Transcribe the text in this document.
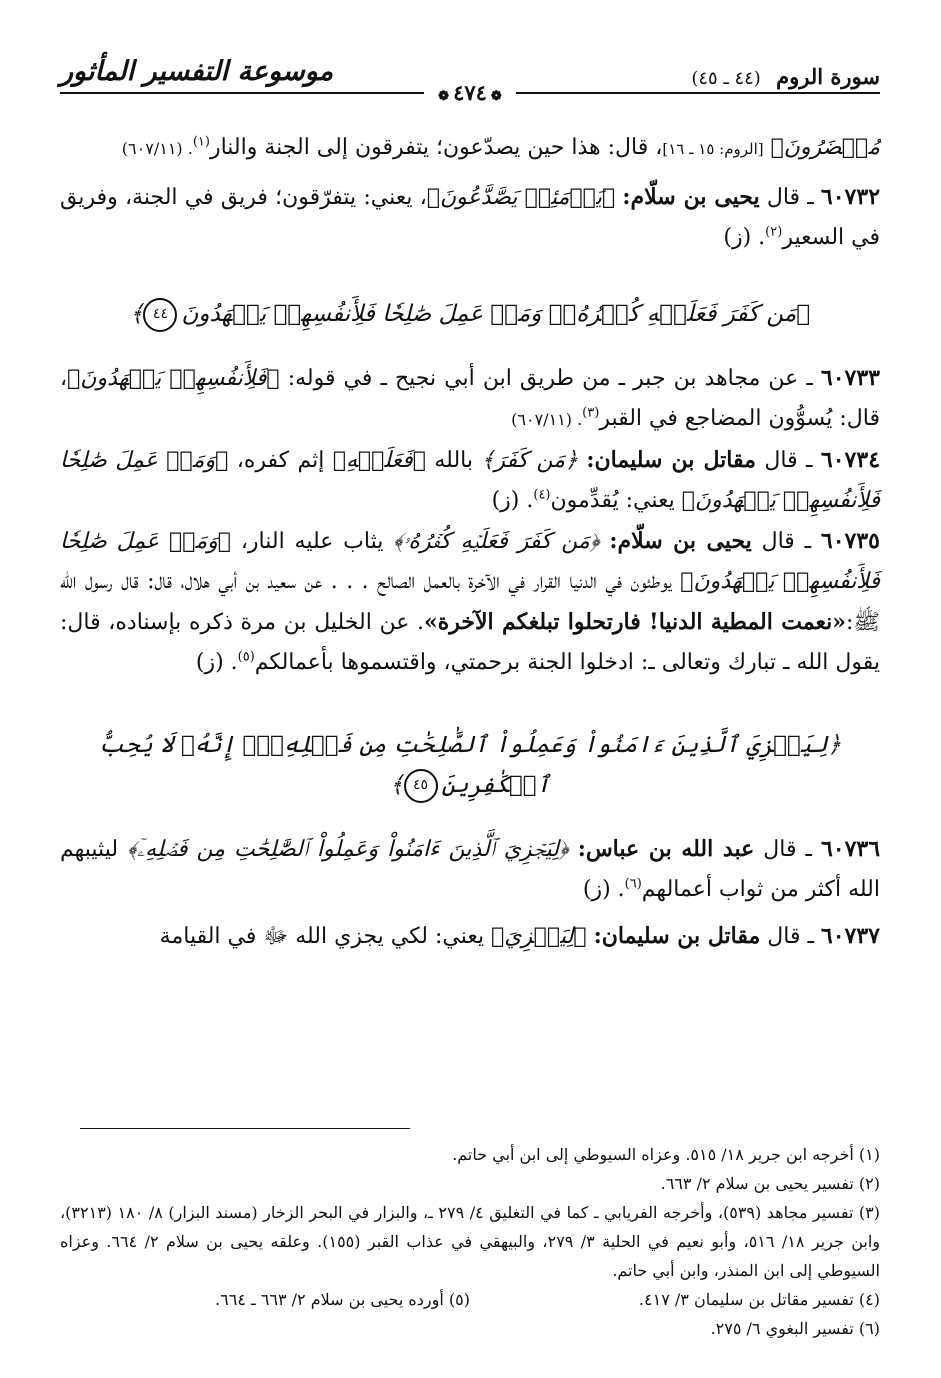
سورة الروم (٤٤ ـ ٤٥)
موسوعة التفسير المأثور
❁٤٧٤❁

مُحۡضَرُونَ﴾ [الروم: ١٥ ـ ١٦]، قال: هذا حين يصدّعون؛ يتفرقون إلى الجنة والنار$^{(١)}$. (٦٠٧/١١)

٦٠٧٣٢ ـ قال يحيى بن سلّام: ﴿يَوۡمَئِذٖ يَصَّدَّعُونَ﴾، يعني: يتفرّقون؛ فريق في الجنة، وفريق في السعير$^{(٢)}$. (ز)

﴿مَن كَفَرَ فَعَلَيۡهِ كُفۡرُهُۥۖ وَمَنۡ عَمِلَ صَٰلِحٗا فَلِأَنفُسِهِمۡ يَمۡهَدُونَ٤٤﴾

٦٠٧٣٣ ـ عن مجاهد بن جبر ـ من طريق ابن أبي نجيح ـ في قوله: ﴿فَلِأَنفُسِهِمۡ يَمۡهَدُونَ﴾، قال: يُسوُّون المضاجع في القبر$^{(٣)}$. (٦٠٧/١١)

٦٠٧٣٤ ـ قال مقاتل بن سليمان: ﴿مَن كَفَرَ﴾ بالله ﴿فَعَلَيۡهِ﴾ إثم كفره، ﴿وَمَنۡ عَمِلَ صَٰلِحٗا فَلِأَنفُسِهِمۡ يَمۡهَدُونَ﴾ يعني: يُقدِّمون$^{(٤)}$. (ز)

٦٠٧٣٥ ـ قال يحيى بن سلّام: ﴿مَن كَفَرَ فَعَلَيۡهِ كُفۡرُهُۥ﴾ يثاب عليه النار، ﴿وَمَنۡ عَمِلَ صَٰلِحٗا فَلِأَنفُسِهِمۡ يَمۡهَدُونَ﴾ يوطئون في الدنيا القرار في الآخرة بالعمل الصالح . . . عن سعيد بن أبي هلال، قال: قال رسول الله ﷺ:«نعمت المطية الدنيا! فارتحلوا تبلغكم الآخرة». عن الخليل بن مرة ذكره بإسناده، قال: يقول الله ـ تبارك وتعالى ـ: ادخلوا الجنة برحمتي، واقتسموها بأعمالكم$^{(٥)}$. (ز)

﴿لِيَجۡزِيَ ٱلَّذِينَ ءَامَنُواْ وَعَمِلُواْ ٱلصَّٰلِحَٰتِ مِن فَضۡلِهِۦٓۚ إِنَّهُۥ لَا يُحِبُّ ٱلۡكَٰفِرِينَ٤٥﴾

٦٠٧٣٦ ـ قال عبد الله بن عباس: ﴿لِيَجۡزِيَ ٱلَّذِينَ ءَامَنُواْ وَعَمِلُواْ ٱلصَّٰلِحَٰتِ مِن فَضۡلِهِۦٓ﴾ ليثيبهم الله أكثر من ثواب أعمالهم$^{(٦)}$. (ز)

٦٠٧٣٧ ـ قال مقاتل بن سليمان: ﴿لِيَجۡزِيَ﴾ يعني: لكي يجزي الله ﷻ في القيامة

(١) أخرجه ابن جرير ١٨/ ٥١٥. وعزاه السيوطي إلى ابن أبي حاتم.

(٢) تفسير يحيى بن سلام ٢/ ٦٦٣.

(٣) تفسير مجاهد (٥٣٩)، وأخرجه الفريابي ـ كما في التغليق ٤/ ٢٧٩ ـ، والبزار في البحر الزخار (مسند البزار) ٨/ ١٨٠ (٣٢١٣)، وابن جرير ١٨/ ٥١٦، وأبو نعيم في الحلية ٣/ ٢٧٩، والبيهقي في عذاب القبر (١٥٥). وعلقه يحيى بن سلام ٢/ ٦٦٤. وعزاه السيوطي إلى ابن المنذر، وابن أبي حاتم.

(٤) تفسير مقاتل بن سليمان ٣/ ٤١٧.
(٥) أورده يحيى بن سلام ٢/ ٦٦٣ ـ ٦٦٤.

(٦) تفسير البغوي ٦/ ٢٧٥.
